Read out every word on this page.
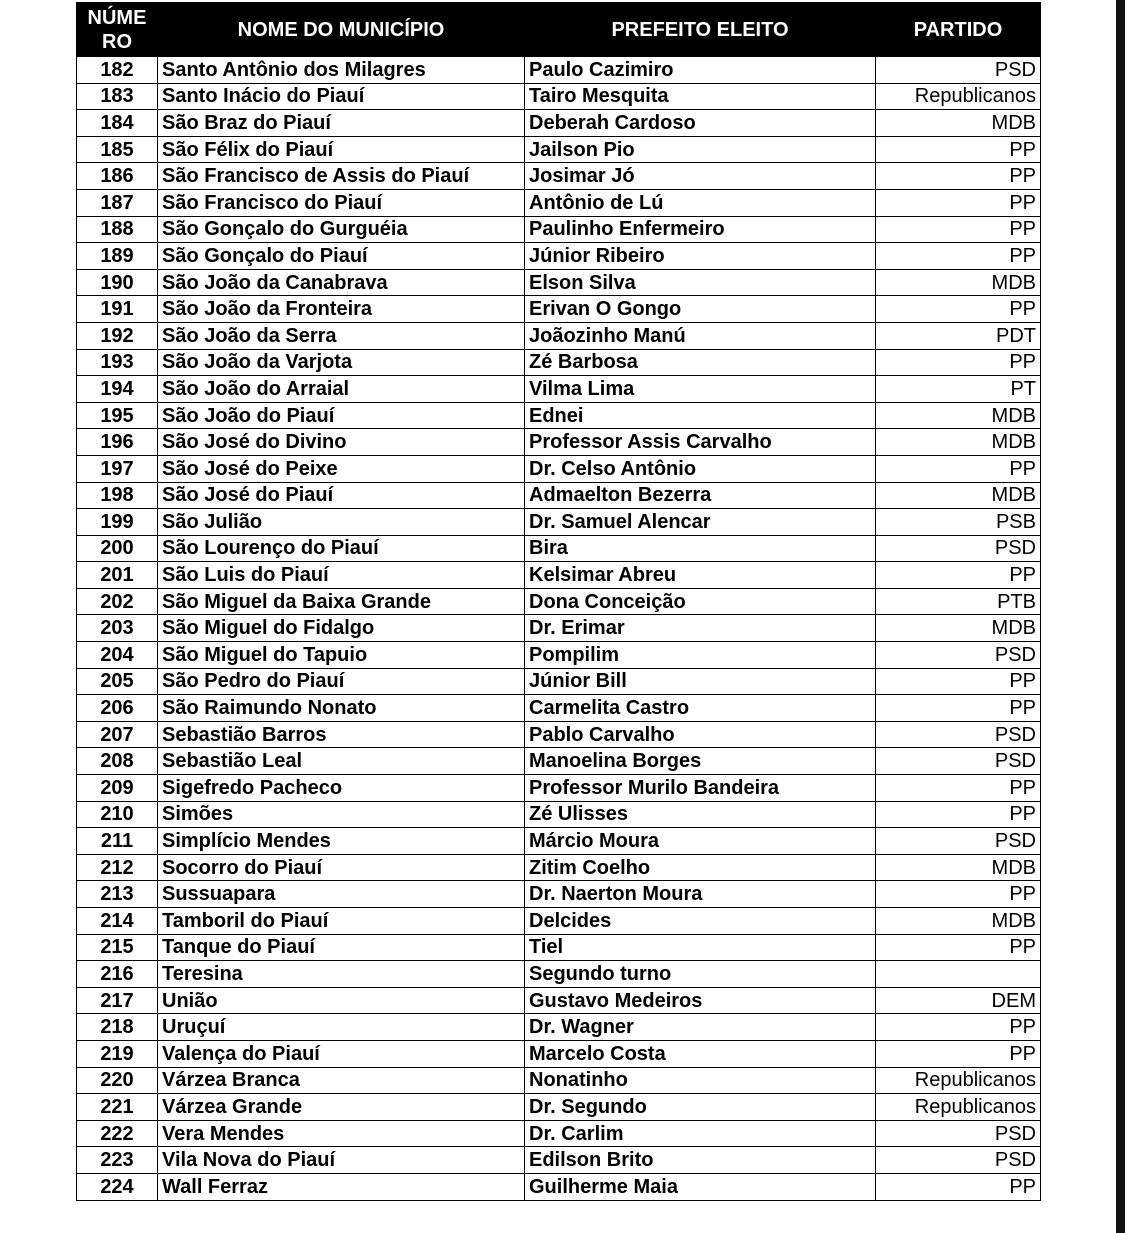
NÚME RO	NOME DO MUNICÍPIO	PREFEITO ELEITO	PARTIDO
182	Santo Antônio dos Milagres	Paulo Cazimiro	PSD
183	Santo Inácio do Piauí	Tairo Mesquita	Republicanos
184	São Braz do Piauí	Deberah Cardoso	MDB
185	São Félix do Piauí	Jailson Pio	PP
186	São Francisco de Assis do Piauí	Josimar Jó	PP
187	São Francisco do Piauí	Antônio de Lú	PP
188	São Gonçalo do Gurguéia	Paulinho Enfermeiro	PP
189	São Gonçalo do Piauí	Júnior Ribeiro	PP
190	São João da Canabrava	Elson Silva	MDB
191	São João da Fronteira	Erivan O Gongo	PP
192	São João da Serra	Joãozinho Manú	PDT
193	São João da Varjota	Zé Barbosa	PP
194	São João do Arraial	Vilma Lima	PT
195	São João do Piauí	Ednei	MDB
196	São José do Divino	Professor Assis Carvalho	MDB
197	São José do Peixe	Dr. Celso Antônio	PP
198	São José do Piauí	Admaelton Bezerra	MDB
199	São Julião	Dr. Samuel Alencar	PSB
200	São Lourenço do Piauí	Bira	PSD
201	São Luis do Piauí	Kelsimar Abreu	PP
202	São Miguel da Baixa Grande	Dona Conceição	PTB
203	São Miguel do Fidalgo	Dr. Erimar	MDB
204	São Miguel do Tapuio	Pompilim	PSD
205	São Pedro do Piauí	Júnior Bill	PP
206	São Raimundo Nonato	Carmelita Castro	PP
207	Sebastião Barros	Pablo Carvalho	PSD
208	Sebastião Leal	Manoelina Borges	PSD
209	Sigefredo Pacheco	Professor Murilo Bandeira	PP
210	Simões	Zé Ulisses	PP
211	Simplício Mendes	Márcio Moura	PSD
212	Socorro do Piauí	Zitim Coelho	MDB
213	Sussuapara	Dr. Naerton Moura	PP
214	Tamboril do Piauí	Delcides	MDB
215	Tanque do Piauí	Tiel	PP
216	Teresina	Segundo turno	
217	União	Gustavo Medeiros	DEM
218	Uruçuí	Dr. Wagner	PP
219	Valença do Piauí	Marcelo Costa	PP
220	Várzea Branca	Nonatinho	Republicanos
221	Várzea Grande	Dr. Segundo	Republicanos
222	Vera Mendes	Dr. Carlim	PSD
223	Vila Nova do Piauí	Edilson Brito	PSD
224	Wall Ferraz	Guilherme Maia	PP
